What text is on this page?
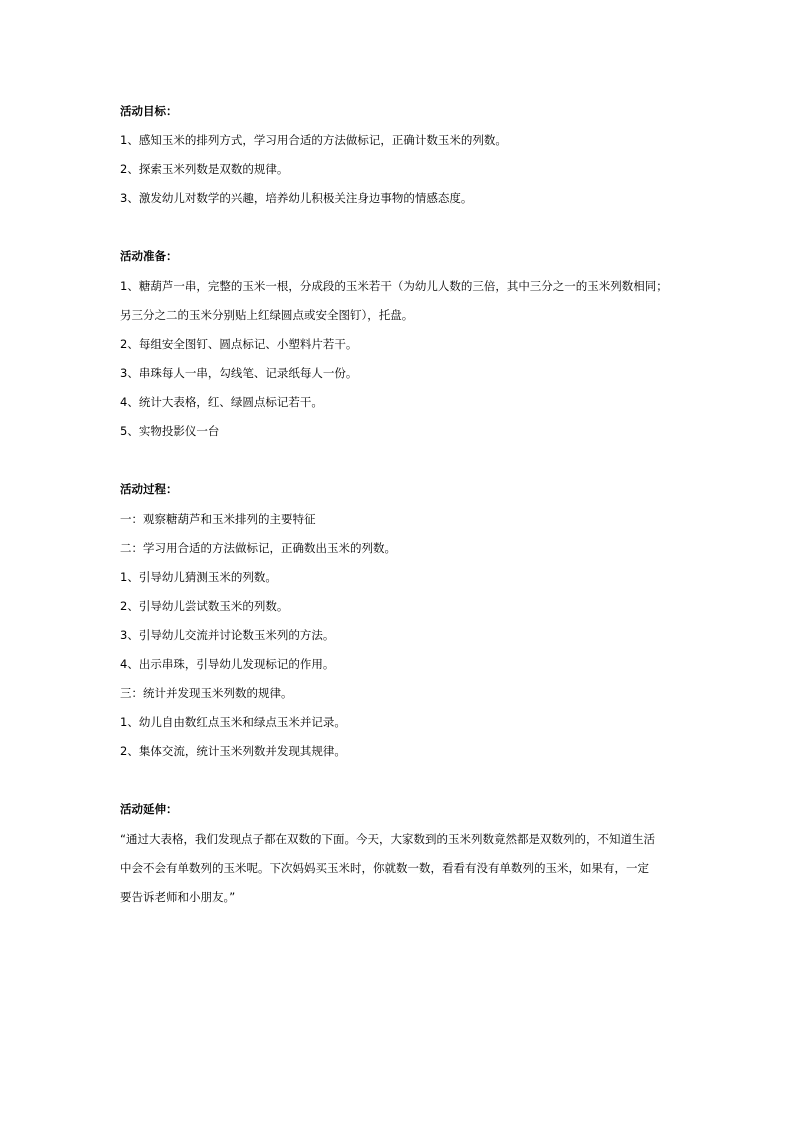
活动目标：
1、感知玉米的排列方式，学习用合适的方法做标记，正确计数玉米的列数。
2、探索玉米列数是双数的规律。
3、激发幼儿对数学的兴趣，培养幼儿积极关注身边事物的情感态度。
活动准备：
1、糖葫芦一串，完整的玉米一根，分成段的玉米若干（为幼儿人数的三倍，其中三分之一的玉米列数相同；
另三分之二的玉米分别贴上红绿圆点或安全图钉），托盘。
2、每组安全图钉、圆点标记、小塑料片若干。
3、串珠每人一串，勾线笔、记录纸每人一份。
4、统计大表格，红、绿圆点标记若干。
5、实物投影仪一台
活动过程：
一：观察糖葫芦和玉米排列的主要特征
二：学习用合适的方法做标记，正确数出玉米的列数。
1、引导幼儿猜测玉米的列数。
2、引导幼儿尝试数玉米的列数。
3、引导幼儿交流并讨论数玉米列的方法。
4、出示串珠，引导幼儿发现标记的作用。
三：统计并发现玉米列数的规律。
1、幼儿自由数红点玉米和绿点玉米并记录。
2、集体交流，统计玉米列数并发现其规律。
活动延伸：
“通过大表格，我们发现点子都在双数的下面。今天，大家数到的玉米列数竟然都是双数列的，不知道生活
中会不会有单数列的玉米呢。下次妈妈买玉米时，你就数一数，看看有没有单数列的玉米，如果有，一定
要告诉老师和小朋友。”
